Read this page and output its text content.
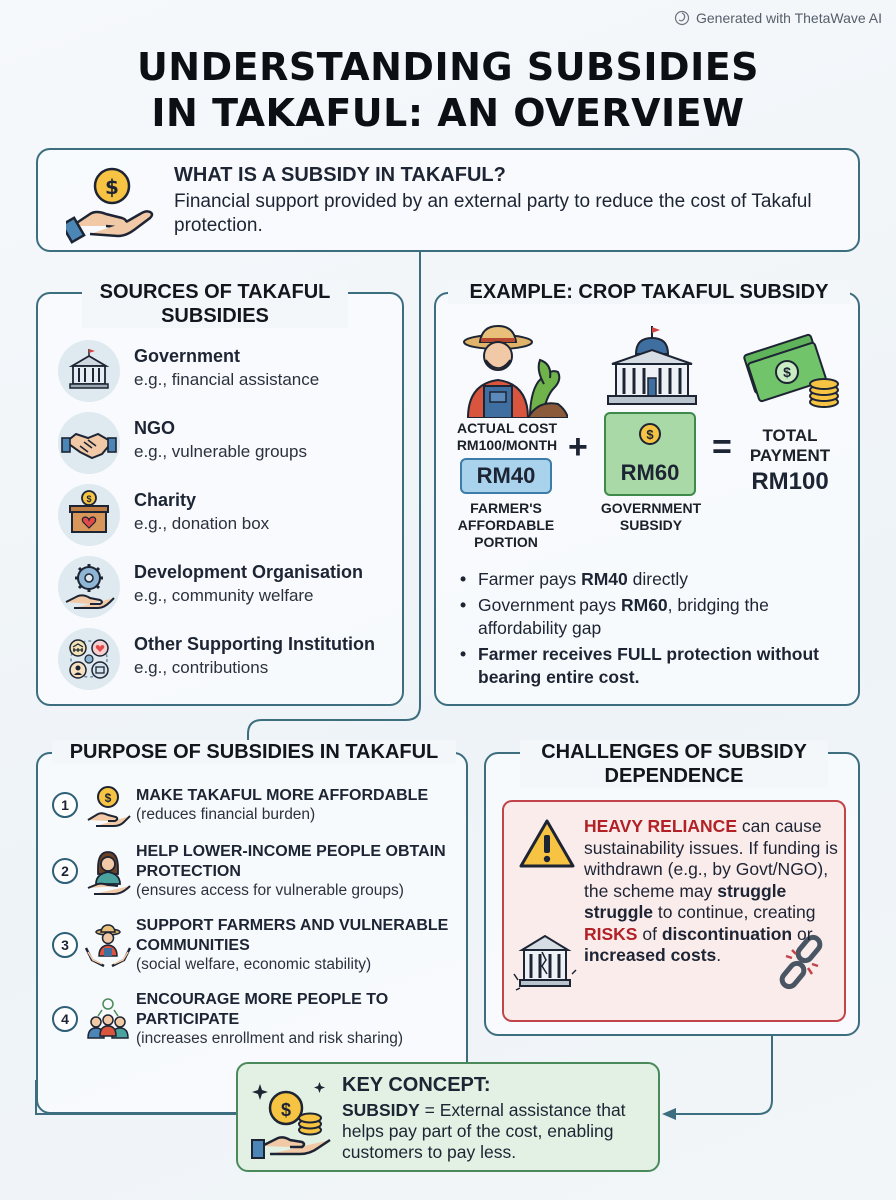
Generated with ThetaWave AI
UNDERSTANDING SUBSIDIES
IN TAKAFUL: AN OVERVIEW
$	WHAT IS A SUBSIDY IN TAKAFUL?
Financial support provided by an external party to reduce the cost of Takaful protection.
SOURCES OF TAKAFUL SUBSIDIES
Government
e.g., financial assistance
NGO
e.g., vulnerable groups
$ Charity
e.g., donation box
Development Organisation
e.g., community welfare
Other Supporting Institution
e.g., contributions
EXAMPLE: CROP TAKAFUL SUBSIDY
$
ACTUAL COST
RM100/MONTH
RM40
FARMER'S
AFFORDABLE
PORTION
+	$
RM60
GOVERNMENT
SUBSIDY
=	TOTAL
PAYMENT
RM100
• Farmer pays RM40 directly
• Government pays RM60, bridging the affordability gap
• Farmer receives FULL protection without bearing entire cost.
PURPOSE OF SUBSIDIES IN TAKAFUL
1	$ MAKE TAKAFUL MORE AFFORDABLE
(reduces financial burden)
2
HELP LOWER-INCOME PEOPLE OBTAIN PROTECTION
(ensures access for vulnerable groups)
3
SUPPORT FARMERS AND VULNERABLE COMMUNITIES
(social welfare, economic stability)
4
ENCOURAGE MORE PEOPLE TO PARTICIPATE
(increases enrollment and risk sharing)
CHALLENGES OF SUBSIDY DEPENDENCE
HEAVY RELIANCE can cause sustainability issues. If funding is withdrawn (e.g., by Govt/NGO), the scheme may struggle struggle to continue, creating RISKS of discontinuation or increased costs.
$
KEY CONCEPT:
SUBSIDY = External assistance that helps pay part of the cost, enabling customers to pay less.
